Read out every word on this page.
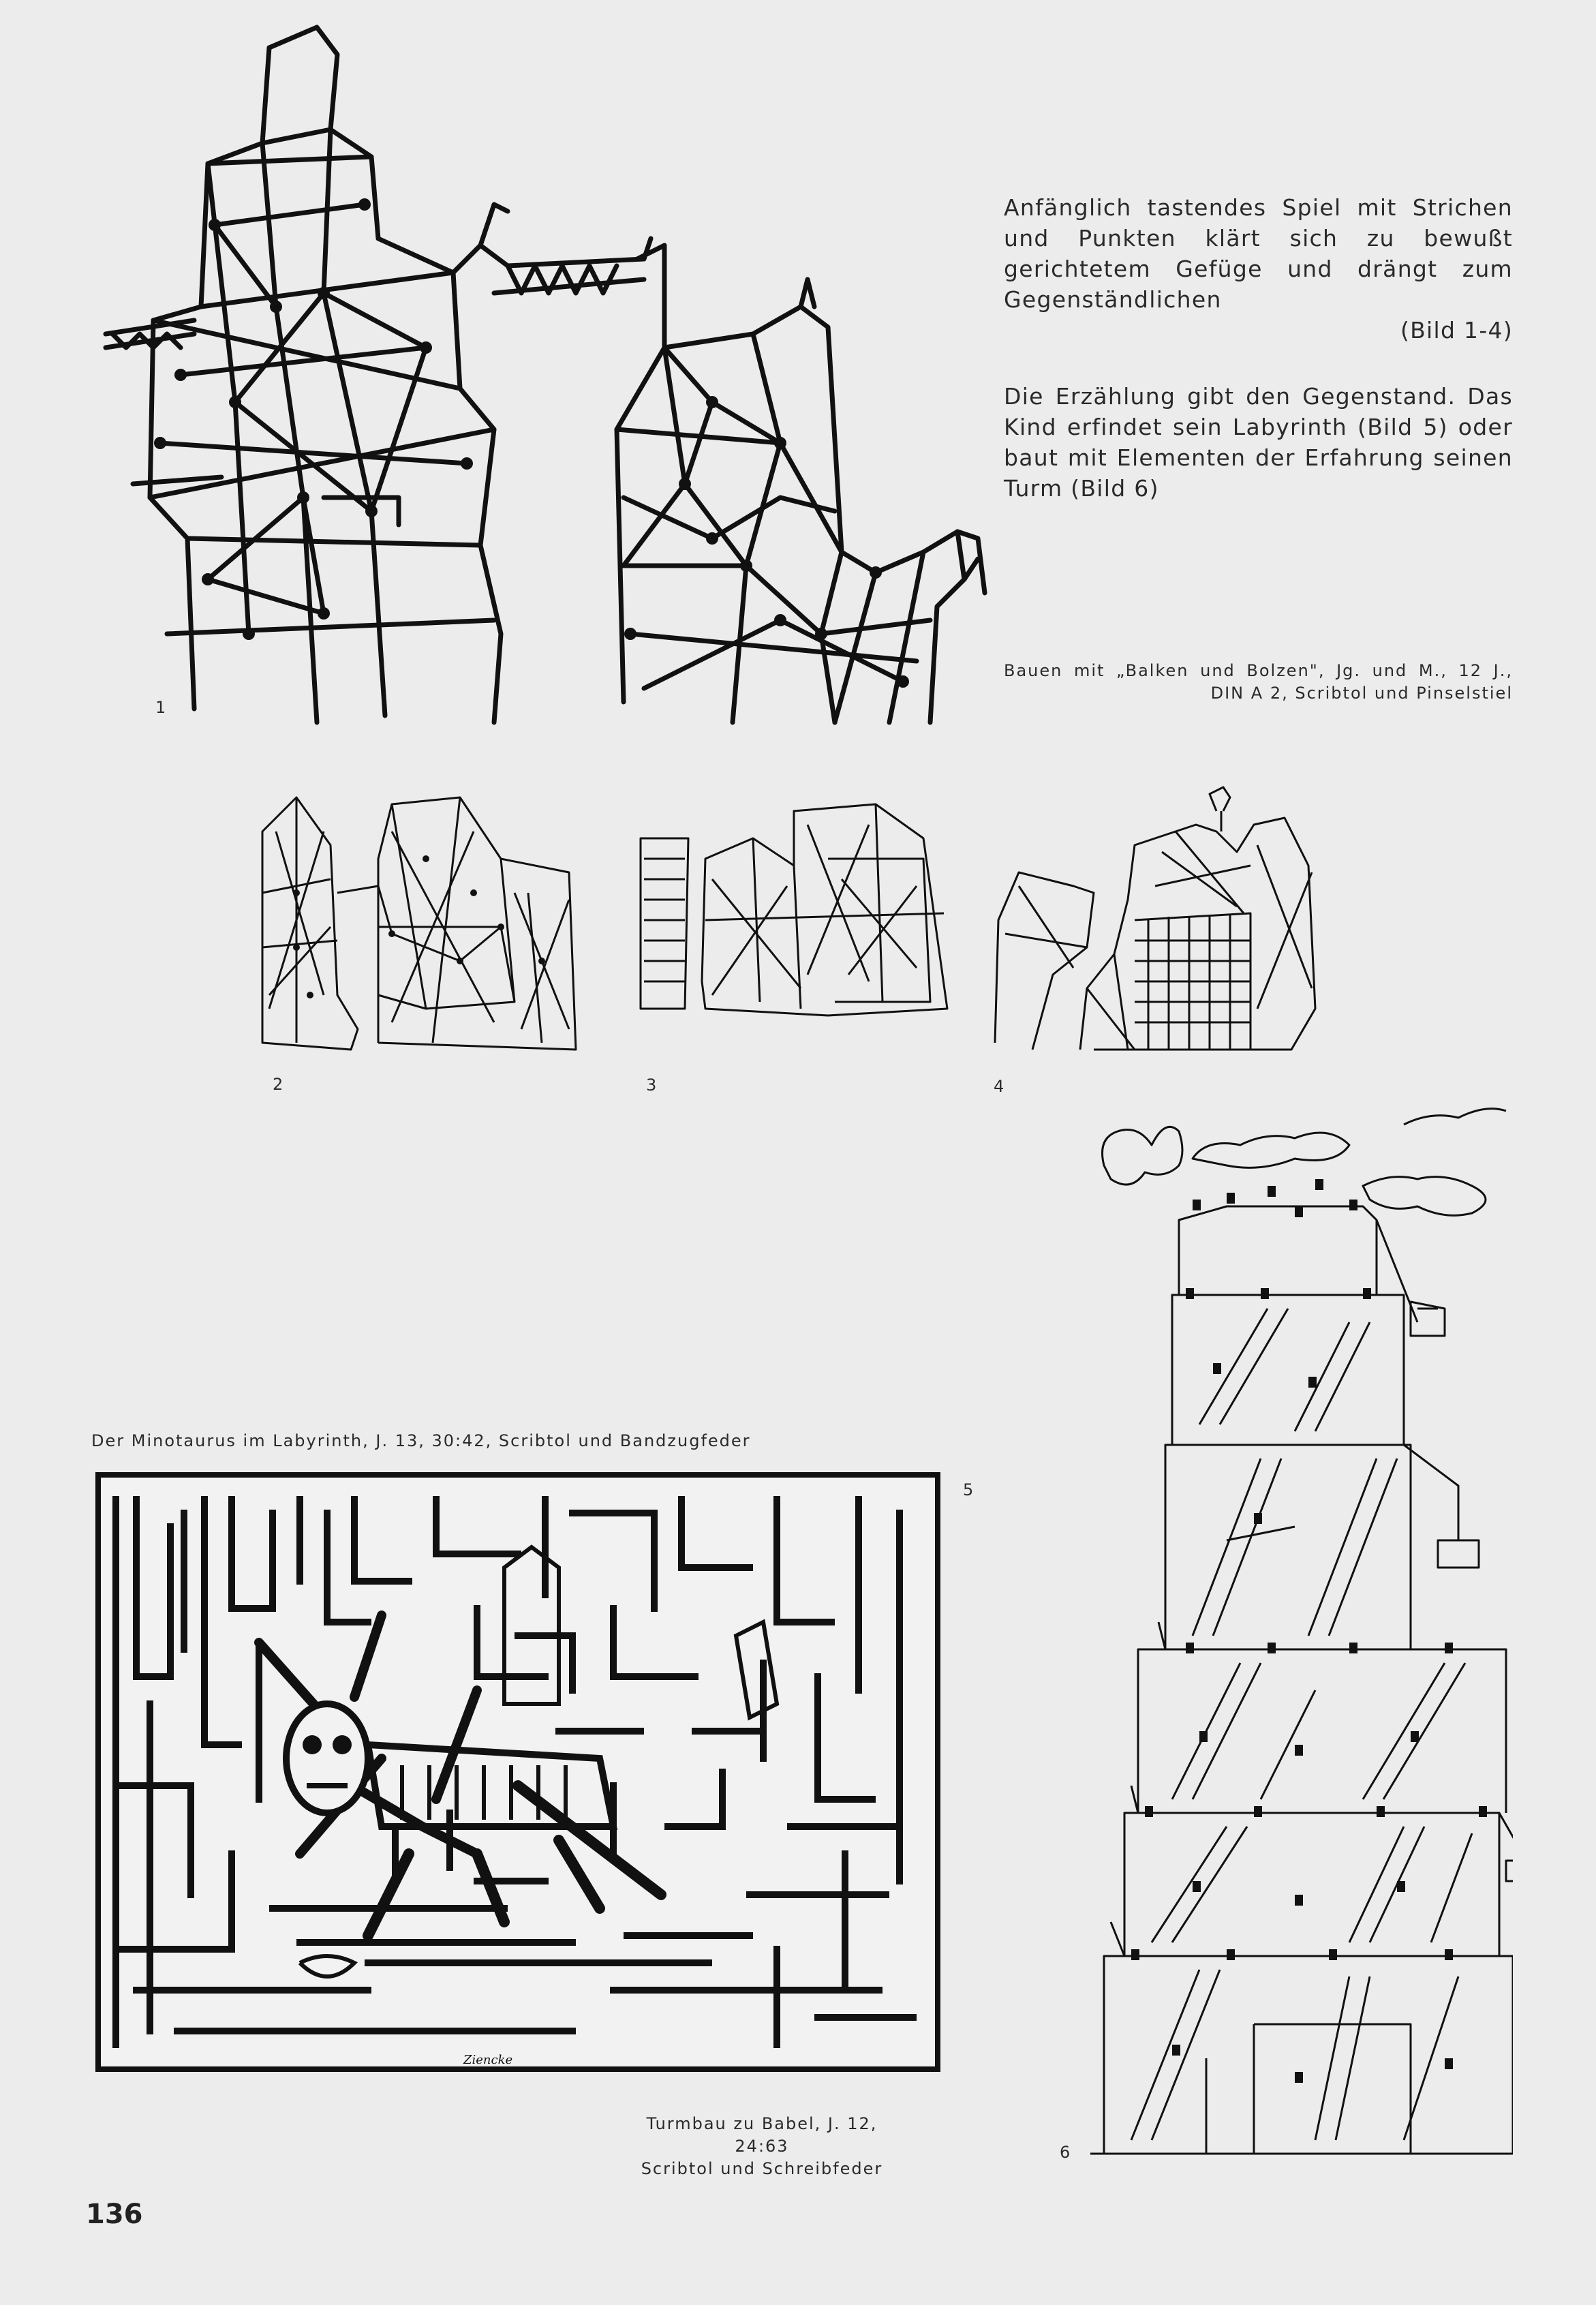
1

Anfänglich tastendes Spiel mit Strichen und Punkten klärt sich zu bewußt gerichtetem Gefüge und drängt zum Gegenständlichen

(Bild 1-4)

Die Erzählung gibt den Gegenstand. Das Kind erfindet sein Labyrinth (Bild 5) oder baut mit Elementen der Erfahrung seinen Turm (Bild 6)

Bauen mit „Balken und Bolzen", Jg. und M., 12 J.,
DIN A 2, Scribtol und Pinselstiel
2	3	4
Der Minotaurus im Labyrinth, J. 13, 30:42, Scribtol und Bandzugfeder
5
Ziencke
Turmbau zu Babel, J. 12, 24:63
Scribtol und Schreibfeder
6
136
